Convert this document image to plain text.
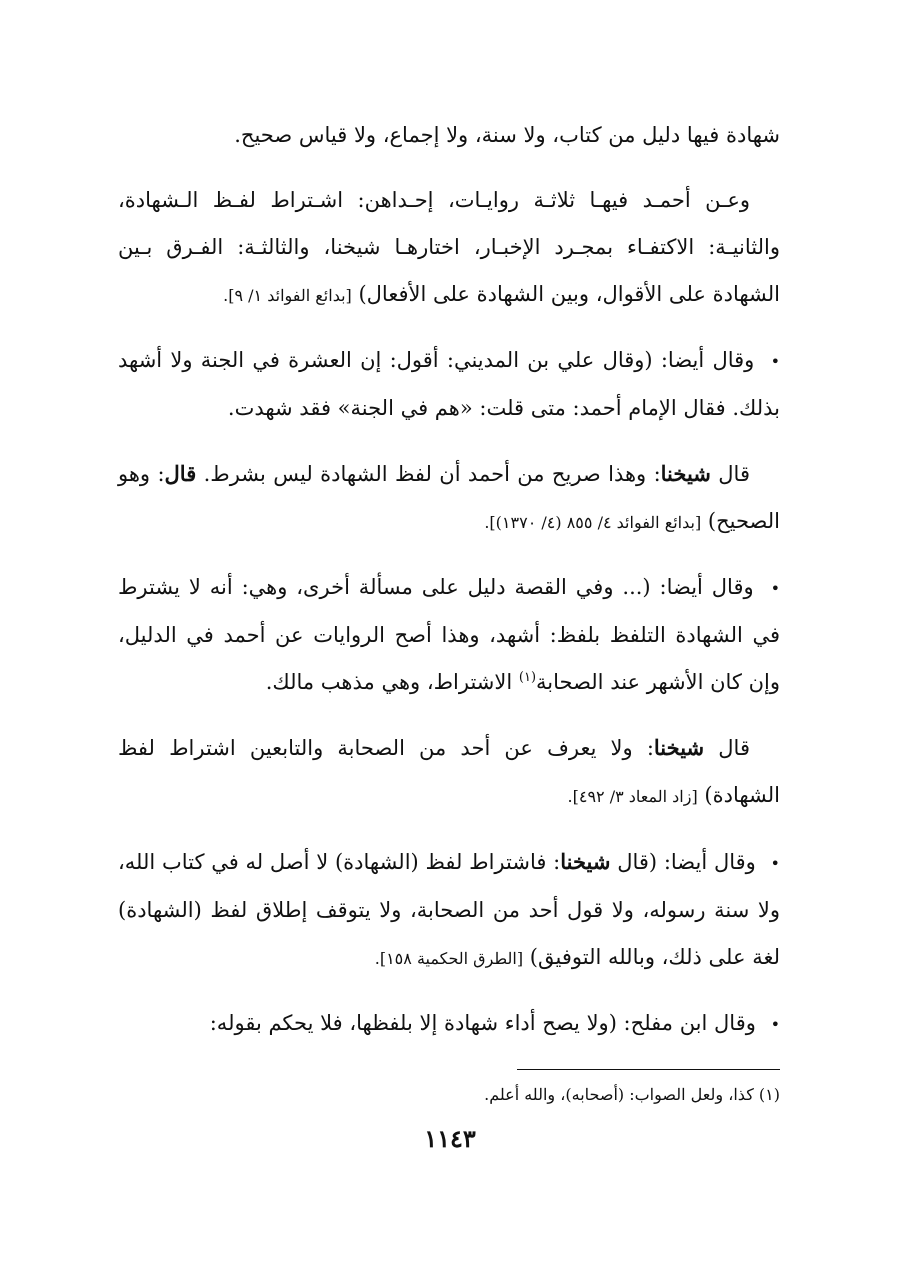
شهادة فيها دليل من كتاب، ولا سنة، ولا إجماع، ولا قياس صحيح.

وعـن أحمـد فيهـا ثلاثـة روايـات، إحـداهن: اشـتراط لفـظ الـشهادة، والثانيـة: الاكتفـاء بمجـرد الإخبـار، اختارهـا شيخنا، والثالثـة: الفـرق بـين الشهادة على الأقوال، وبين الشهادة على الأفعال) [بدائع الفوائد ١/ ٩].

• وقال أيضا: (وقال علي بن المديني: أقول: إن العشرة في الجنة ولا أشهد بذلك. فقال الإمام أحمد: متى قلت: «هم في الجنة» فقد شهدت.

قال شيخنا: وهذا صريح من أحمد أن لفظ الشهادة ليس بشرط. قال: وهو الصحيح) [بدائع الفوائد ٤/ ٨٥٥ (٤/ ١٣٧٠)].

• وقال أيضا: (... وفي القصة دليل على مسألة أخرى، وهي: أنه لا يشترط في الشهادة التلفظ بلفظ: أشهد، وهذا أصح الروايات عن أحمد في الدليل، وإن كان الأشهر عند الصحابة$^{(١)}$ الاشتراط، وهي مذهب مالك.

قال شيخنا: ولا يعرف عن أحد من الصحابة والتابعين اشتراط لفظ الشهادة) [زاد المعاد ٣/ ٤٩٢].

• وقال أيضا: (قال شيخنا: فاشتراط لفظ (الشهادة) لا أصل له في كتاب الله، ولا سنة رسوله، ولا قول أحد من الصحابة، ولا يتوقف إطلاق لفظ (الشهادة) لغة على ذلك، وبالله التوفيق) [الطرق الحكمية ١٥٨].

• وقال ابن مفلح: (ولا يصح أداء شهادة إلا بلفظها، فلا يحكم بقوله:

(١) كذا، ولعل الصواب: (أصحابه)، والله أعلم.
١١٤٣
